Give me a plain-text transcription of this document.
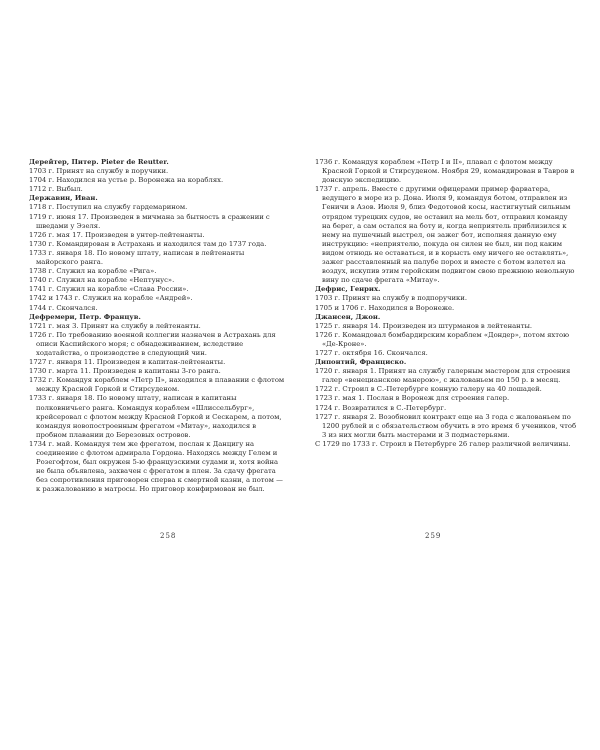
Дерейтер, Питер. Pieter de Reutter.

1703 г. Принят на службу в поручики.

1704 г. Находился на устье р. Воронежа на кораблях.

1712 г. Выбыл.

Державин, Иван.

1718 г. Поступил на службу гардемарином.

1719 г. июня 17. Произведен в мичмана за бытность в сражении с шведами у Эзеля.

1726 г. мая 17. Произведен в унтер-лейтенанты.

1730 г. Командирован в Астрахань и находился там до 1737 года.

1733 г. января 18. По новому штату, написан в лейтенанты майорского ранга.

1738 г. Служил на корабле «Рига».

1740 г. Служил на корабле «Нептунус».

1741 г. Служил на корабле «Слава России».

1742 и 1743 г. Служил на корабле «Андрей».

1744 г. Скончался.

Дефремери, Петр. Францув.

1721 г. мая 3. Принят на службу в лейтенанты.

1726 г. По требованию военной коллегии назначен в Астрахань для описи Каспийского моря; с обнадеживанием, вследствие ходатайства, о производстве в следующий чин.

1727 г. января 11. Произведен в капитан-лейтенанты.

1730 г. марта 11. Произведен в капитаны 3-го ранга.

1732 г. Командуя кораблем «Петр II», находился в плавании с флотом между Красной Горкой и Стирсуденом.

1733 г. января 18. По новому штату, написан в капитаны полковничьего ранга. Командуя кораблем «Шлиссельбург», крейсеровал с флотом между Красной Горкой и Сескарем, а потом, командуя новопостроенным фрегатом «Митау», находился в пробном плавании до Березовых островов.

1734 г. май. Командуя тем же фрегатом, послан к Данцигу на соединение с флотом адмирала Гордона. Находясь между Гелем и Розегофтом, был окружен 5-ю французскими судами и, хотя война не была объявлена, захвачен с фрегатом в плен. За сдачу фрегата без сопротивления приговорен сперва к смертной казни, а потом — к разжалованию в матросы. Но приговор конфирмован не был.

1736 г. Командуя кораблем «Петр I и II», плавал с флотом между Красной Горкой и Стирсуденом. Ноября 29, командирован в Тавров в донскую экспедицию.

1737 г. апрель. Вместе с другими офицерами пример фарватера, ведущего в море из р. Дона. Июля 9, командуя ботом, отправлен из Геничи в Азов. Июля 9, близ Федотовой косы, настигнутый сильным отрядом турецких судов, не оставил на мель бот, отправил команду на берег, а сам остался на боту и, когда неприятель приблизился к нему на пушечный выстрел, он зажег бот, исполняя данную ему инструкцию: «неприятелю, покуда он силен не был, ни под каким видом отнюдь не оставаться, и в корысть ему ничего не оставлять», зажег расставленный на палубе порох и вместе с ботом взлетел на воздух, искупив этим геройским подвигом свою прежнюю невольную вину по сдаче фрегата «Митау».

Дефрис, Генрих.

1703 г. Принят на службу в подпоручики.

1705 и 1706 г. Находился в Воронеже.

Джансен, Джон.

1725 г. января 14. Произведен из штурманов в лейтенанты.

1726 г. Командовал бомбардирским кораблем «Дондер», потом яхтою «Де-Кроне».

1727 г. октября 16. Скончался.

Дипонтий, Франциско.

1720 г. января 1. Принят на службу галерным мастером для строения галер «венецианскою манерою», с жалованьем по 150 р. в месяц.

1722 г. Строил в С.-Петербурге конную галеру на 40 лошадей.

1723 г. мая 1. Послан в Воронеж для строения галер.

1724 г. Возвратился в С.-Петербург.

1727 г. января 2. Возобновил контракт еще на 3 года с жалованьем по 1200 рублей и с обязательством обучить в это время 6 учеников, чтоб 3 из них могли быть мастерами и 3 подмастерьями.

С 1729 по 1733 г. Строил в Петербурге 26 галер различной величины.

258	259
